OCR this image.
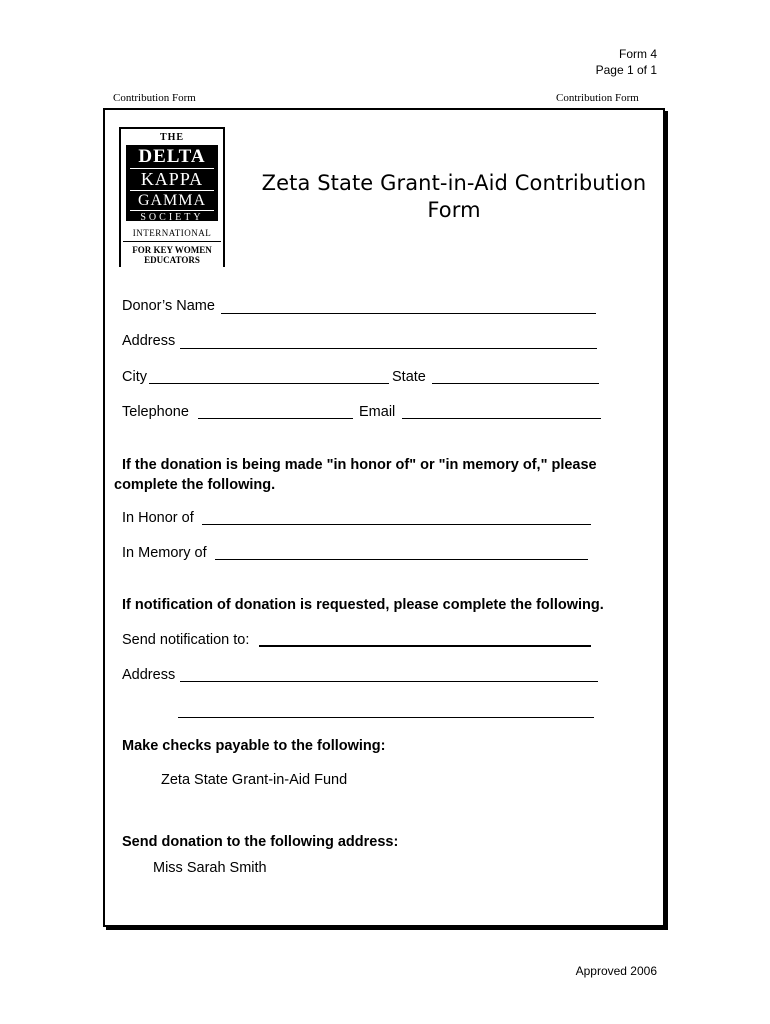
Form 4
Page 1 of 1
Contribution Form	Contribution Form
THE
DELTA
KAPPA
GAMMA
SOCIETY
INTERNATIONAL
FOR KEY WOMEN
EDUCATORS
Zeta State Grant-in-Aid Contribution
Form
Donor’s Name
Address
City	State
Telephone	Email
If the donation is being made "in honor of" or "in memory of," please complete the following.
In Honor of
In Memory of
If notification of donation is requested, please complete the following.
Send notification to:
Address
Make checks payable to the following:
Zeta State Grant-in-Aid Fund
Send donation to the following address:
Miss Sarah Smith
Approved 2006
